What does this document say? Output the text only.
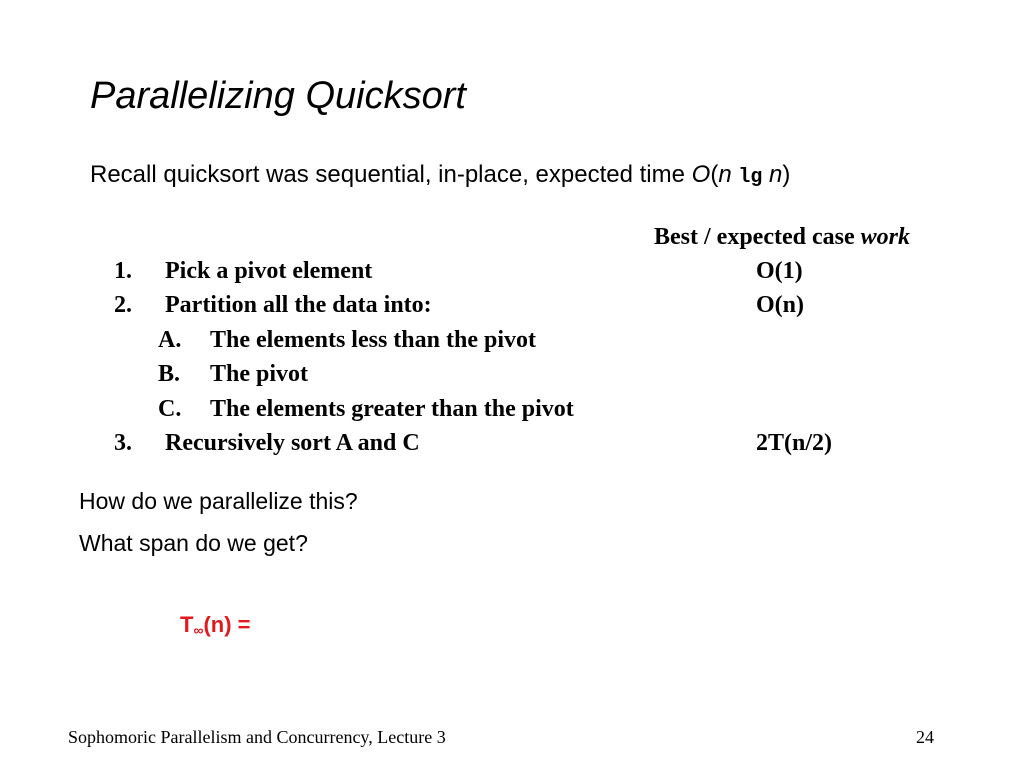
Parallelizing Quicksort
Recall quicksort was sequential, in-place, expected time O(n lg n)
Best / expected case work
1. Pick a pivot element	O(1)
2. Partition all the data into:	O(n)
A. The elements less than the pivot
B. The pivot
C. The elements greater than the pivot
3. Recursively sort A and C	2T(n/2)
How do we parallelize this?
What span do we get?
$T_\infty(n)$ =
Sophomoric Parallelism and Concurrency, Lecture 3	24
